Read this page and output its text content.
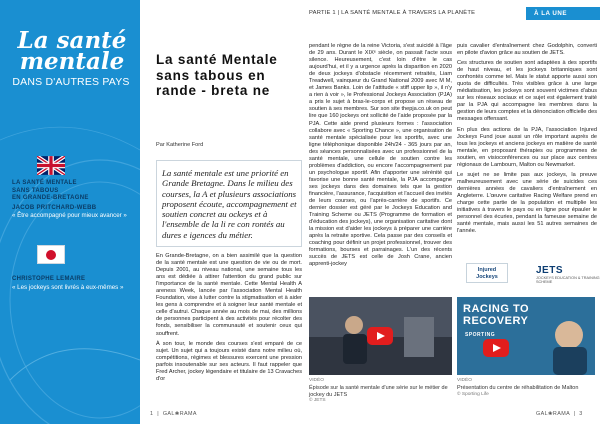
La santé
mentale
DANS D'AUTRES PAYS
LA SANTÉ MENTALE
SANS TABOUS
EN GRANDE-BRETAGNE
JACOB PRITCHARD-WEBB
« Être accompagné pour mieux avancer »
CHRISTOPHE LEMAIRE
« Les jockeys sont livrés à eux-mêmes »
La santé Mentale sans tabous en rande - breta ne
Par Katherine Ford
La santé mentale est une priorité en Grande Bretagne. Dans le milieu des courses, la A et plusieurs associations proposent écoute, accompagnement et soutien concret au ockeys et à l'ensemble de la li re con rontés au dures e igences du métier.

En Grande-Bretagne, on a bien assimilé que la question de la santé mentale est une question de vie ou de mort. Depuis 2001, au niveau national, une semaine tous les ans est dédiée à attirer l'attention du grand public sur l'importance de la santé mentale. Cette Mental Health A areness Week, lancée par l'association Mental Health Foundation, vise à lutter contre la stigmatisation et à aider les gens à comprendre et à soigner leur santé mentale et celle d'autrui. Chaque année au mois de mai, des millions de personnes participent à des activités pour récolter des fonds, sensibiliser la communauté et soutenir ceux qui souffrent.

À son tour, le monde des courses s'est emparé de ce sujet. Un sujet qui a toujours existé dans notre milieu où, compétitions, régimes et blessures exercent une pression parfois insoutenable sur ses acteurs. Il faut rappeler que Fred Archer, jockey légendaire et titulaire de 13 Cravaches d'or

1  |  GAL❀RAMA
PARTIE 1 | LA SANTÉ MENTALE À TRAVERS LA PLANÈTE	À LA UNE

pendant le règne de la reine Victoria, s'est suicidé à l'âge de 29 ans. Durant le XIXᵉ siècle, on passait l'acte sous silence. Heureusement, c'est loin d'être le cas aujourd'hui, et il y a urgence après la disparition en 2020 de deux jockeys d'obstacle récemment retraités, Liam Treadwell, vainqueur du Grand National 2009 avec M M, et James Banks. Loin de l'attitude « stiff upper lip », il n'y a rien à voir », le Professional Jockeys Association (PJA) a pris le sujet à bras-le-corps et propose un réseau de soutien à ses membres. Sur son site thepja.co.uk on peut lire que 160 jockeys ont sollicité de l'aide proposée par la PJA. Cette aide prend plusieurs formes : l'association collabore avec « Sporting Chance », une organisation de santé mentale spécialisée pour les sportifs, avec une ligne téléphonique disponible 24h/24 - 365 jours par an, des séances personnalisées avec un professionnel de la santé mentale, une cellule de soutien contre les problèmes d'addiction, ou encore l'accompagnement par un psychologue sportif. Afin d'apporter une sérénité qui favorise une bonne santé mentale, la PJA accompagne ses jockeys dans des domaines tels que la gestion financière, l'assurance, l'acquisition et l'accueil des invités de leurs courses, ou l'après-carrière de sportifs. Ce dernier dossier est géré par le Jockeys Education and Training Scheme ou JETS (Programme de formation et d'éducation des jockeys), une organisation caritative dont la mission est d'aider les jockeys à préparer une carrière après la retraite sportive. Cela passe par des conseils et coaching pour définir un projet professionnel, trouver des formations, bourses et parrainages. L'un des récents succès de JETS est celle de Josh Crane, ancien apprenti-jockey

puis cavalier d'entraînement chez Godolphin, converti en pilote d'avion grâce au soutien de JETS.

Ces structures de soutien sont adaptées à des sportifs de haut niveau, et les jockeys britanniques sont confrontés comme tel. Mais le statut apporte aussi son quota de difficultés. Très visibles grâce à une large médiatisation, les jockeys sont souvent victimes d'abus sur les réseaux sociaux et ce sujet est également traité par la PJA qui accompagne les membres dans la gestion de leurs comptes et la dénonciation officielle des messages offensant.

En plus des actions de la PJA, l'association Injured Jockeys Fund joue aussi un rôle important auprès de tous les jockeys et anciens jockeys en matière de santé mentale, en proposant thérapies ou programmes de soutien, en visioconférences ou sur place aux centres régionaux de Lambourn, Malton ou Newmarket.

Le sujet ne se limite pas aux jockeys, la preuve malheureusement avec une série de suicides ces dernières années de cavaliers d'entraînement en Angleterre. L'œuvre caritative Racing Welfare prend en charge cette partie de la population et multiplie les initiatives à travers le pays ou en ligne pour épauler le personnel des écuries, pendant la fameuse semaine de santé mentale, mais aussi les 51 autres semaines de l'année.

Injured
Jockeys
JETS
JOCKEYS EDUCATION & TRAINING SCHEME
VIDÉO
Épisode sur la santé mentale d'une série sur le métier de jockey du JETS
© JETS
RACING TO
RECOVERY
SPORTING
VIDÉO
Présentation du centre de réhabilitation de Malton
© Sporting Life
GAL❀RAMA  |  3
